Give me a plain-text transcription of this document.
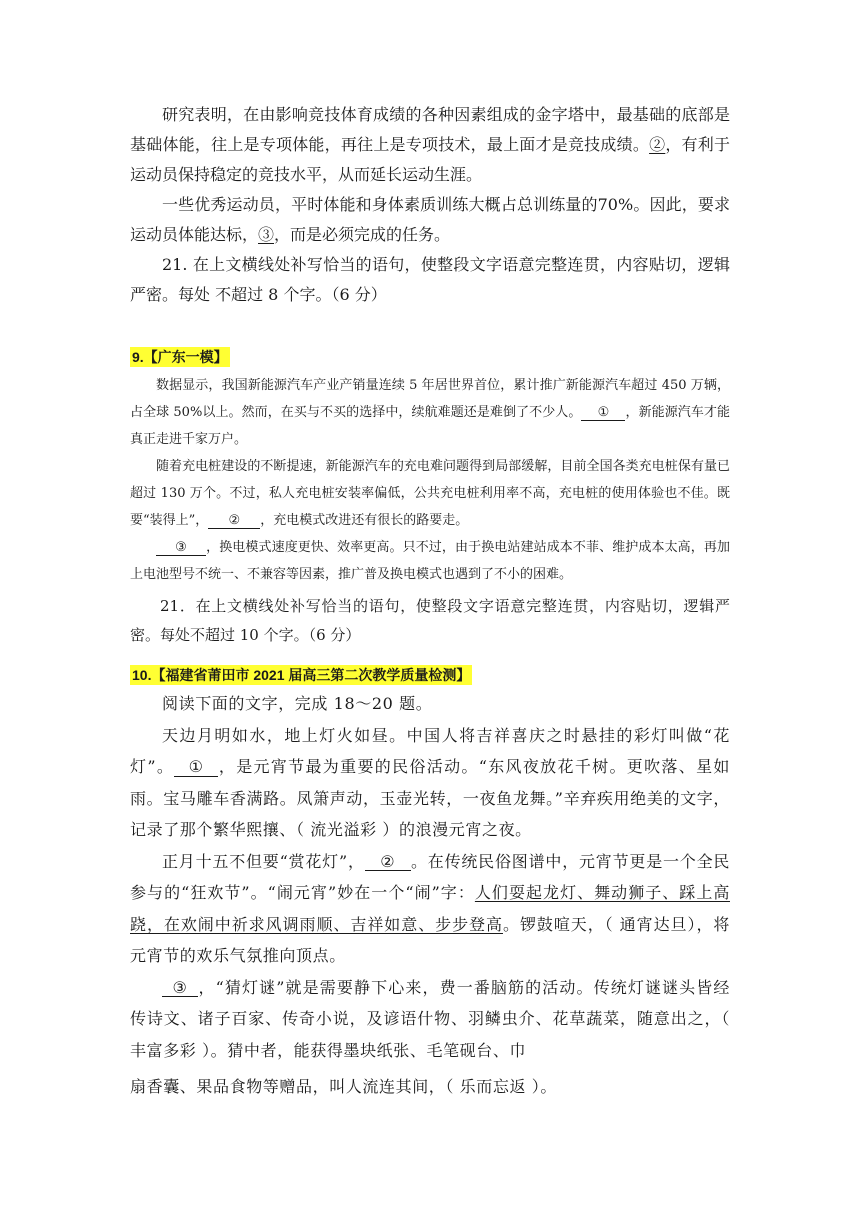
研究表明，在由影响竞技体育成绩的各种因素组成的金字塔中，最基础的底部是基础体能，往上是专项体能，再往上是专项技术，最上面才是竞技成绩。②，有利于运动员保持稳定的竞技水平，从而延长运动生涯。

一些优秀运动员，平时体能和身体素质训练大概占总训练量的70%。因此，要求运动员体能达标，③，而是必须完成的任务。

21. 在上文横线处补写恰当的语句，使整段文字语意完整连贯，内容贴切，逻辑严密。每处 不超过 8 个字。（6 分）

9.【广东一模】

数据显示，我国新能源汽车产业产销量连续 5 年居世界首位，累计推广新能源汽车超过 450 万辆，占全球 50%以上。然而，在买与不买的选择中，续航难题还是难倒了不少人。 ① ，新能源汽车才能真正走进千家万户。

随着充电桩建设的不断提速，新能源汽车的充电难问题得到局部缓解，目前全国各类充电桩保有量已超过 130 万个。不过，私人充电桩安装率偏低，公共充电桩利用率不高，充电桩的使用体验也不佳。既要“装得上”， ② ，充电模式改进还有很长的路要走。

③ ，换电模式速度更快、效率更高。只不过，由于换电站建站成本不菲、维护成本太高，再加上电池型号不统一、不兼容等因素，推广普及换电模式也遇到了不小的困难。

21．在上文横线处补写恰当的语句，使整段文字语意完整连贯，内容贴切，逻辑严密。每处不超过 10 个字。（6 分）

10.【福建省莆田市 2021 届高三第二次教学质量检测】

阅读下面的文字，完成 18～20 题。

天边月明如水，地上灯火如昼。中国人将吉祥喜庆之时悬挂的彩灯叫做“花灯”。 ① ，是元宵节最为重要的民俗活动。“东风夜放花千树。更吹落、星如雨。宝马雕车香满路。凤箫声动，玉壶光转，一夜鱼龙舞。”辛弃疾用绝美的文字，记录了那个繁华熙攘、（ 流光溢彩 ）的浪漫元宵之夜。

正月十五不但要“赏花灯”， ② 。在传统民俗图谱中，元宵节更是一个全民参与的“狂欢节”。“闹元宵”妙在一个“闹”字：人们耍起龙灯、舞动狮子、踩上高跷，在欢闹中祈求风调雨顺、吉祥如意、步步登高。锣鼓喧天，（ 通宵达旦），将元宵节的欢乐气氛推向顶点。

③ ，“猜灯谜”就是需要静下心来，费一番脑筋的活动。传统灯谜谜头皆经传诗文、诸子百家、传奇小说，及谚语什物、羽鳞虫介、花草蔬菜，随意出之，（ 丰富多彩 ）。猜中者，能获得墨块纸张、毛笔砚台、巾

扇香囊、果品食物等赠品，叫人流连其间，（ 乐而忘返 ）。
